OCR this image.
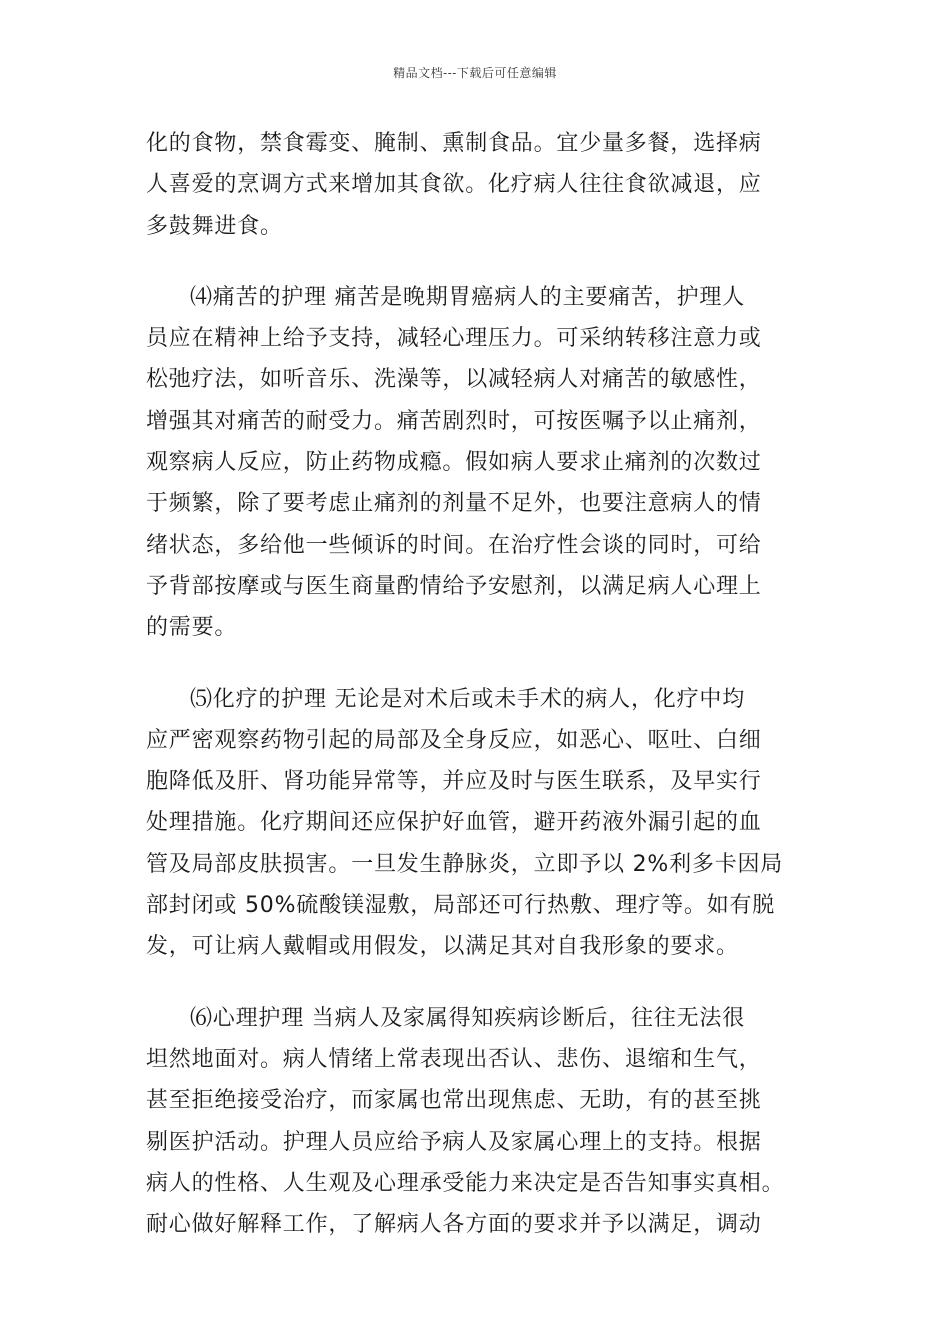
精品文档---下载后可任意编辑

化的食物，禁食霉变、腌制、熏制食品。宜少量多餐，选择病
人喜爱的烹调方式来增加其食欲。化疗病人往往食欲减退，应
多鼓舞进食。

⑷痛苦的护理 痛苦是晚期胃癌病人的主要痛苦，护理人
员应在精神上给予支持，减轻心理压力。可采纳转移注意力或
松弛疗法，如听音乐、洗澡等，以减轻病人对痛苦的敏感性，
增强其对痛苦的耐受力。痛苦剧烈时，可按医嘱予以止痛剂，
观察病人反应，防止药物成瘾。假如病人要求止痛剂的次数过
于频繁，除了要考虑止痛剂的剂量不足外，也要注意病人的情
绪状态，多给他一些倾诉的时间。在治疗性会谈的同时，可给
予背部按摩或与医生商量酌情给予安慰剂，以满足病人心理上
的需要。

⑸化疗的护理 无论是对术后或未手术的病人，化疗中均
应严密观察药物引起的局部及全身反应，如恶心、呕吐、白细
胞降低及肝、肾功能异常等，并应及时与医生联系，及早实行
处理措施。化疗期间还应保护好血管，避开药液外漏引起的血
管及局部皮肤损害。一旦发生静脉炎，立即予以 2%利多卡因局
部封闭或 50%硫酸镁湿敷，局部还可行热敷、理疗等。如有脱
发，可让病人戴帽或用假发，以满足其对自我形象的要求。

⑹心理护理 当病人及家属得知疾病诊断后，往往无法很
坦然地面对。病人情绪上常表现出否认、悲伤、退缩和生气，
甚至拒绝接受治疗，而家属也常出现焦虑、无助，有的甚至挑
剔医护活动。护理人员应给予病人及家属心理上的支持。根据
病人的性格、人生观及心理承受能力来决定是否告知事实真相。
耐心做好解释工作，了解病人各方面的要求并予以满足，调动
